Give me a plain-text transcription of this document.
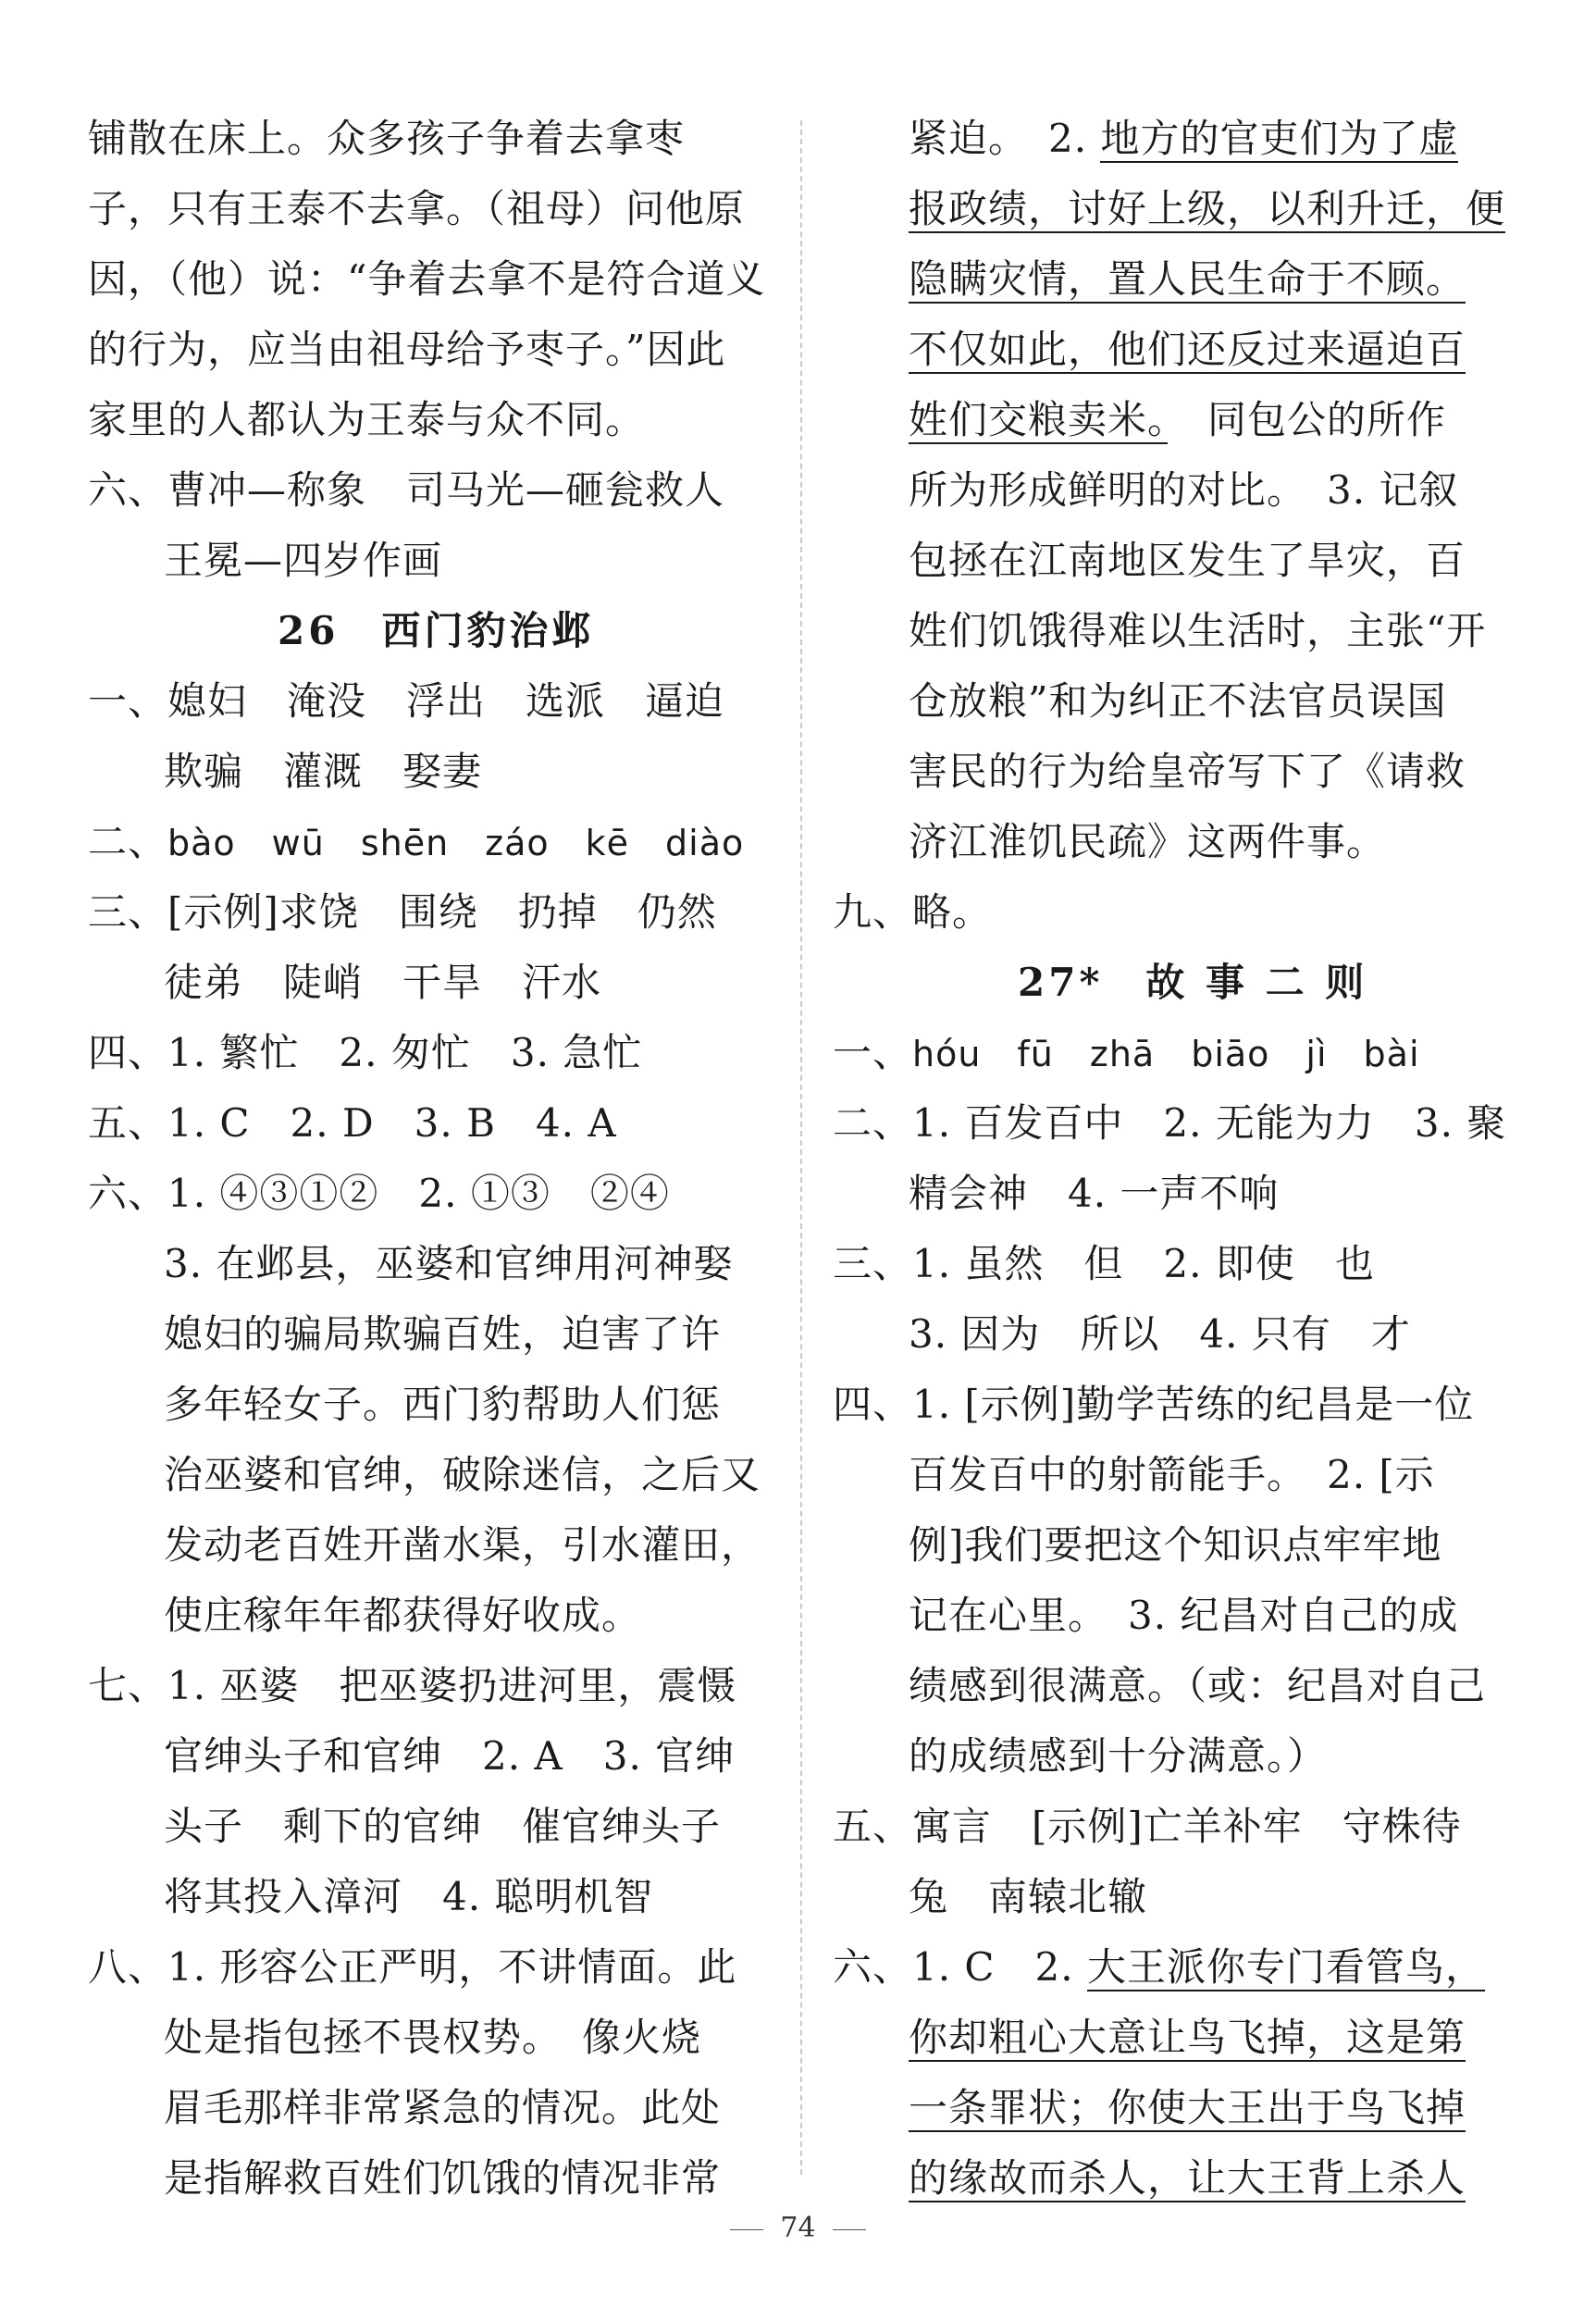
铺散在床上。众多孩子争着去拿枣
子，只有王泰不去拿。（祖母）问他原
因，（他）说：“争着去拿不是符合道义
的行为，应当由祖母给予枣子。”因此
家里的人都认为王泰与众不同。
六、曹冲—称象　司马光—砸瓮救人
王冕—四岁作画
26　西门豹治邺
一、媳妇　淹没　浮出　选派　逼迫
欺骗　灌溉　娶妻
二、bào　wū　shēn　záo　kē　diào
三、[示例]求饶　围绕　扔掉　仍然
徒弟　陡峭　干旱　汗水
四、1. 繁忙　2. 匆忙　3. 急忙
五、1. C　2. D　3. B　4. A
六、1. ④③①②　2. ①③　②④
3. 在邺县，巫婆和官绅用河神娶
媳妇的骗局欺骗百姓，迫害了许
多年轻女子。西门豹帮助人们惩
治巫婆和官绅，破除迷信，之后又
发动老百姓开凿水渠，引水灌田，
使庄稼年年都获得好收成。
七、1. 巫婆　把巫婆扔进河里，震慑
官绅头子和官绅　2. A　3. 官绅
头子　剩下的官绅　催官绅头子
将其投入漳河　4. 聪明机智
八、1. 形容公正严明，不讲情面。此
处是指包拯不畏权势。　像火烧
眉毛那样非常紧急的情况。此处
是指解救百姓们饥饿的情况非常
紧迫。　2. 地方的官吏们为了虚
报政绩，讨好上级，以利升迁，便
隐瞒灾情，置人民生命于不顾。
不仅如此，他们还反过来逼迫百
姓们交粮卖米。　同包公的所作
所为形成鲜明的对比。　3. 记叙
包拯在江南地区发生了旱灾，百
姓们饥饿得难以生活时，主张“开
仓放粮”和为纠正不法官员误国
害民的行为给皇帝写下了《请救
济江淮饥民疏》这两件事。
九、略。
27*　故 事 二 则
一、hóu　fū　zhā　biāo　jì　bài
二、1. 百发百中　2. 无能为力　3. 聚
精会神　4. 一声不响
三、1. 虽然　但　2. 即使　也
3. 因为　所以　4. 只有　才
四、1. [示例]勤学苦练的纪昌是一位
百发百中的射箭能手。　2. [示
例]我们要把这个知识点牢牢地
记在心里。　3. 纪昌对自己的成
绩感到很满意。（或：纪昌对自己
的成绩感到十分满意。）
五、寓言　[示例]亡羊补牢　守株待
兔　南辕北辙
六、1. C　2. 大王派你专门看管鸟，
你却粗心大意让鸟飞掉，这是第
一条罪状；你使大王出于鸟飞掉
的缘故而杀人，让大王背上杀人
74
